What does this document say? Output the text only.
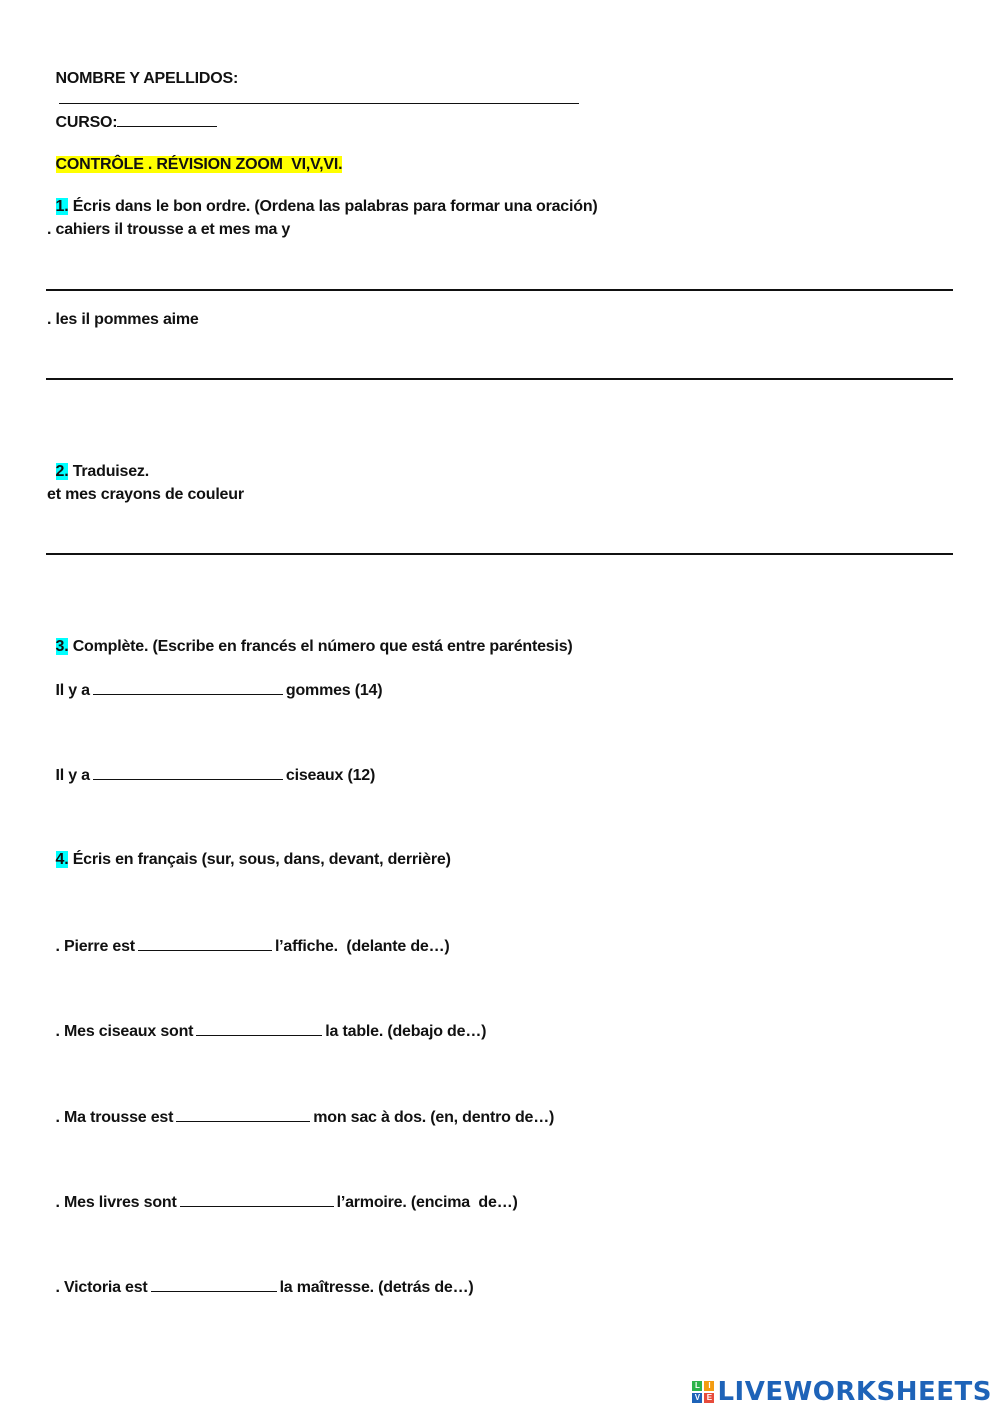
NOMBRE Y APELLIDOS:

CURSO:

CONTRÔLE . RÉVISION ZOOM  VI,V,VI.

1. Écris dans le bon ordre. (Ordena las palabras para formar una oración)

. cahiers il trousse a et mes ma y
. les il pommes aime

2. Traduisez.

et mes crayons de couleur

3. Complète. (Escribe en francés el número que está entre paréntesis)

Il y a	gommes (14)

Il y a	ciseaux (12)

4. Écris en français (sur, sous, dans, devant, derrière)

. Pierre est	l’affiche.  (delante de…)

. Mes ciseaux sont	la table. (debajo de…)

. Ma trousse est	mon sac à dos. (en, dentro de…)

. Mes livres sont	l’armoire. (encima  de…)

. Victoria est	la maîtresse. (detrás de…)

L	I
V E LIVEWORKSHEETS
